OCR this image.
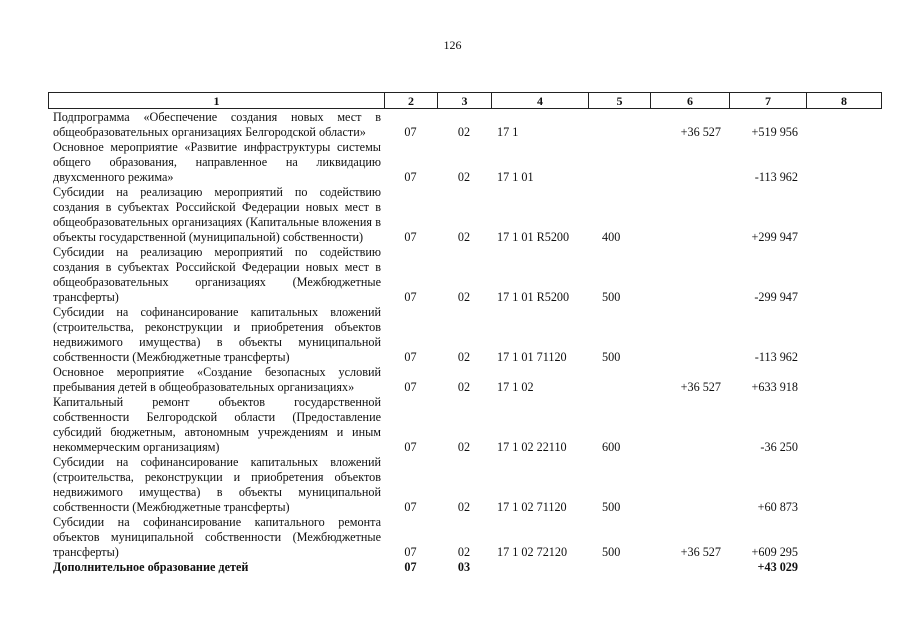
126
1	2	3	4	5	6	7	8
Подпрограмма «Обеспечение создания новых мест в общеобразовательных организациях Белгородской области»	07	02	17 1		+36 527	+519 956	
Основное мероприятие «Развитие инфраструктуры системы общего образования, направленное на ликвидацию двухсменного режима»	07	02	17 1 01			-113 962	
Субсидии на реализацию мероприятий по содействию создания в субъектах Российской Федерации новых мест в общеобразовательных организациях (Капитальные вложения в объекты государственной (муниципальной) собственности)	07	02	17 1 01 R5200	400		+299 947	
Субсидии на реализацию мероприятий по содействию создания в субъектах Российской Федерации новых мест в общеобразовательных организациях (Межбюджетные трансферты)	07	02	17 1 01 R5200	500		-299 947	
Субсидии на софинансирование капитальных вложений (строительства, реконструкции и приобретения объектов недвижимого имущества) в объекты муниципальной собственности (Межбюджетные трансферты)	07	02	17 1 01 71120	500		-113 962	
Основное мероприятие «Создание безопасных условий пребывания детей в общеобразовательных организациях»	07	02	17 1 02		+36 527	+633 918	
Капитальный ремонт объектов государственной собственности Белгородской области (Предоставление субсидий бюджетным, автономным учреждениям и иным некоммерческим организациям)	07	02	17 1 02 22110	600		-36 250	
Субсидии на софинансирование капитальных вложений (строительства, реконструкции и приобретения объектов недвижимого имущества) в объекты муниципальной собственности (Межбюджетные трансферты)	07	02	17 1 02 71120	500		+60 873	
Субсидии на софинансирование капитального ремонта объектов муниципальной собственности (Межбюджетные трансферты)	07	02	17 1 02 72120	500	+36 527	+609 295	
Дополнительное образование детей	07	03				+43 029	
